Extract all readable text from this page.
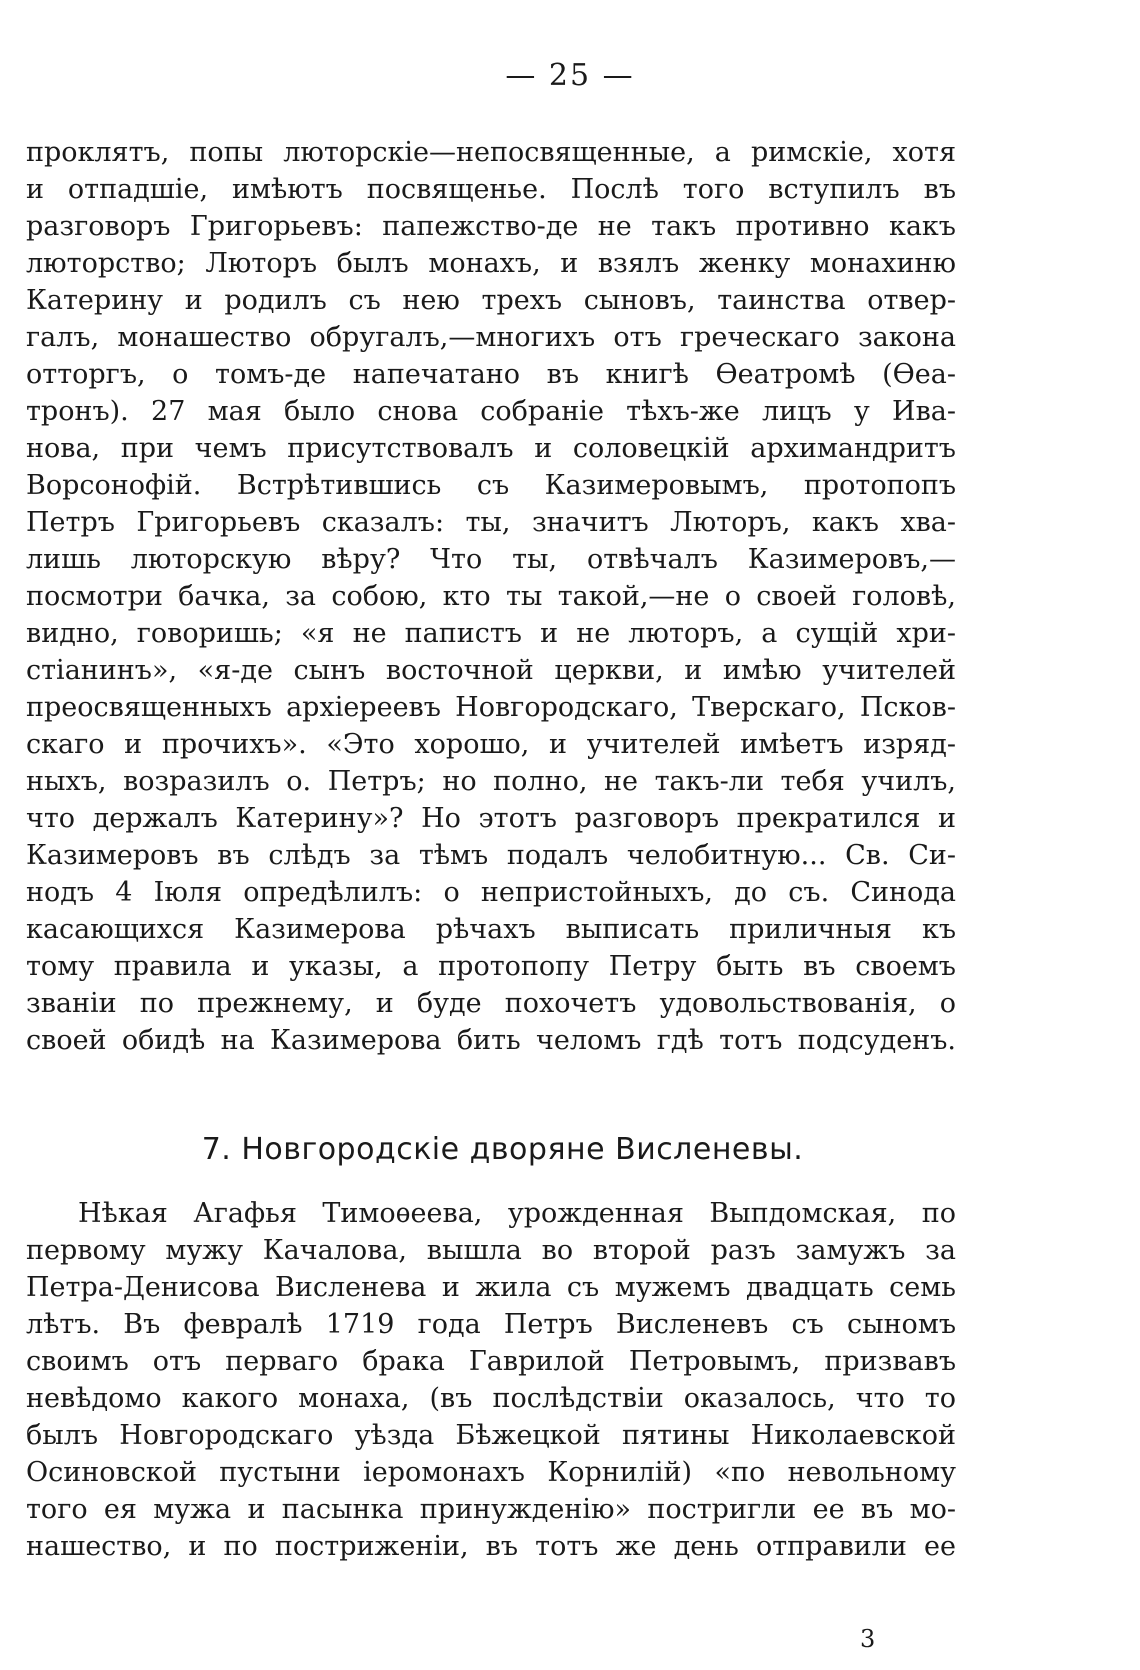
— 25 —
проклятъ, попы люторскіе—непосвященные, а римскіе, хотя
и отпадшіе, имѣютъ посвященье. Послѣ того вступилъ въ
разговоръ Григорьевъ: папежство-де не такъ противно какъ
люторство; Люторъ былъ монахъ, и взялъ женку монахиню
Катерину и родилъ съ нею трехъ сыновъ, таинства отвер-
галъ, монашество обругалъ,—многихъ отъ греческаго закона
отторгъ, о томъ-де напечатано въ книгѣ Ѳеатромѣ (Ѳеа-
тронъ). 27 мая было снова собраніе тѣхъ-же лицъ у Ива-
нова, при чемъ присутствовалъ и соловецкій архимандритъ
Ворсонофій. Встрѣтившись съ Казимеровымъ, протопопъ
Петръ Григорьевъ сказалъ: ты, значитъ Люторъ, какъ хва-
лишь люторскую вѣру? Что ты, отвѣчалъ Казимеровъ,—
посмотри бачка, за собою, кто ты такой,—не о своей головѣ,
видно, говоришь; «я не папистъ и не люторъ, а сущій хри-
стіанинъ», «я-де сынъ восточной церкви, и имѣю учителей
преосвященныхъ архіереевъ Новгородскаго, Тверскаго, Псков-
скаго и прочихъ». «Это хорошо, и учителей имѣетъ изряд-
ныхъ, возразилъ о. Петръ; но полно, не такъ-ли тебя училъ,
что держалъ Катерину»? Но этотъ разговоръ прекратился и
Казимеровъ въ слѣдъ за тѣмъ подалъ челобитную... Св. Си-
нодъ 4 Іюля опредѣлилъ: о непристойныхъ, до съ. Синода
касающихся Казимерова рѣчахъ выписать приличныя къ
тому правила и указы, а протопопу Петру быть въ своемъ
званіи по прежнему, и буде похочетъ удовольствованія, о
своей обидѣ на Казимерова бить челомъ гдѣ тотъ подсуденъ.
7. Новгородскіе дворяне Висленевы.
Нѣкая Агафья Тимоѳеева, урожденная Выпдомская, по
первому мужу Качалова, вышла во второй разъ замужъ за
Петра-Денисова Висленева и жила съ мужемъ двадцать семь
лѣтъ. Въ февралѣ 1719 года Петръ Висленевъ съ сыномъ
своимъ отъ перваго брака Гаврилой Петровымъ, призвавъ
невѣдомо какого монаха, (въ послѣдствіи оказалось, что то
былъ Новгородскаго уѣзда Бѣжецкой пятины Николаевской
Осиновской пустыни іеромонахъ Корнилій) «по невольному
того ея мужа и пасынка принужденію» постригли ее въ мо-
нашество, и по постриженіи, въ тотъ же день отправили ее
3
